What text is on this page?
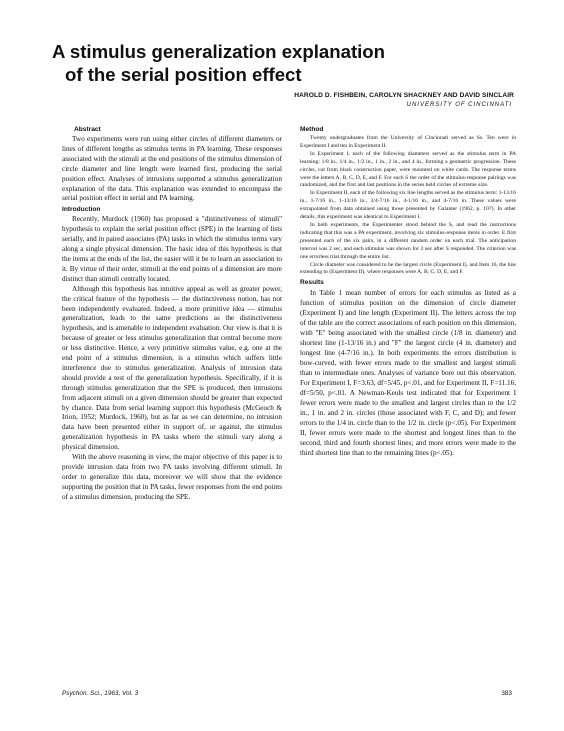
A stimulus generalization explanation
of the serial position effect
HAROLD D. FISHBEIN, CAROLYN SHACKNEY AND DAVID SINCLAIR
UNIVERSITY OF CINCINNATI
Abstract

Two experiments were run using either circles of different diameters or lines of different lengths as stimulus terms in PA learning. These responses associated with the stimuli at the end positions of the stimulus dimension of circle diameter and line length were learned first, producing the serial position effect. Analyses of intrusions supported a stimulus generalization explanation of the data. This explanation was extended to encompass the serial position effect in serial and PA learning.

Introduction

Recently, Murdock (1960) has proposed a "distinctiveness of stimuli" hypothesis to explain the serial position effect (SPE) in the learning of lists serially, and in paired associates (PA) tasks in which the stimulus terms vary along a single physical dimension. The basic idea of this hypothesis is that the items at the ends of the list, the easier will it be to learn an association to it. By virtue of their order, stimuli at the end points of a dimension are more distinct than stimuli centrally located.

Although this hypothesis has intuitive appeal as well as greater power, the critical feature of the hypothesis — the distinctiveness notion, has not been independently evaluated. Indeed, a more primitive idea — stimulus generalization, leads to the same predictions as the distinctiveness hypothesis, and is amenable to independent evaluation. Our view is that it is because of greater or less stimulus generalization that central become more or less distinctive. Hence, a very primitive stimulus value, e.g. one at the end point of a stimulus dimension, is a stimulus which suffers little interference due to stimulus generalization. Analysis of intrusion data should provide a test of the generalization hypothesis. Specifically, if it is through stimulus generalization that the SPE is produced, then intrusions from adjacent stimuli on a given dimension should be greater than expected by chance. Data from serial learning support this hypothesis (McGeoch & Irion, 1952; Murdock, 1960), but as far as we can determine, no intrusion data have been presented either in support of, or against, the stimulus generalization hypothesis in PA tasks where the stimuli vary along a physical dimension.

With the above reasoning in view, the major objective of this paper is to provide intrusion data from two PA tasks involving different stimuli. In order to generalize this data, moreover we will show that the evidence supporting the position that in PA tasks, fewer responses from the end points of a stimulus dimension, producing the SPE.

Method

Twenty undergraduates from the University of Cincinnati served as Ss. Ten were in Experiment I and ten in Experiment II.

In Experiment I, each of the following diameters served as the stimulus term in PA learning: 1/8 in., 1/4 in., 1/2 in., 1 in., 2 in., and 4 in., forming a geometric progression. These circles, cut from black construction paper, were mounted on white cards. The response terms were the letters A, B, C, D, E, and F. For each S the order of the stimulus-response pairings was randomized, and the first and last positions in the series held circles of extreme size.

In Experiment II, each of the following six line lengths served as the stimulus term: 1-13/16 in., 1-7/16 in., 1-13/16 in., 3/4-7/16 in., 4-1/16 in., and 4-7/16 in. These values were extrapolated from data obtained using those presented by Galanter (1962, p. 107). In other details, this experiment was identical to Experiment I.

In both experiments, the Experimenter stood behind the S, and read the instructions indicating that this was a PA experiment, involving six stimulus-response items in order. E first presented each of the six pairs, in a different random order on each trial. The anticipation interval was 2 sec, and each stimulus was shown for 2 sec after S responded. The criterion was one errorless trial through the entire list.

Circle diameter was considered to be the largest circle (Experiment I), and Item 16, the line extending to (Experiment II), where responses were A, B, C, D, E, and F.

Results

In Table 1 mean number of errors for each stimulus as listed as a function of stimulus position on the dimension of circle diameter (Experiment I) and line length (Experiment II). The letters across the top of the table are the correct associations of each position on this dimension, with "E" being associated with the smallest circle (1/8 in. diameter) and shortest line (1-13/16 in.) and "F" the largest circle (4 in. diameter) and longest line (4-7/16 in.). In both experiments the errors distribution is bow-curved, with fewer errors made to the smallest and largest stimuli than to intermediate ones. Analyses of variance bore out this observation. For Experiment I, F=3.63, df=5/45, p<.01, and for Experiment II, F=11.16, df=5/50, p<.01. A Newman-Keuls test indicated that for Experiment I fewer errors were made to the smallest and largest circles than to the 1/2 in., 1 in. and 2 in. circles (those associated with F, C, and D); and fewer errors to the 1/4 in. circle than to the 1/2 in. circle (p<.05). For Experiment II, fewer errors were made to the shortest and longest lines than to the second, third and fourth shortest lines; and more errors were made to the third shortest line than to the remaining lines (p<.05).

Psychon. Sci., 1963, Vol. 3	383
